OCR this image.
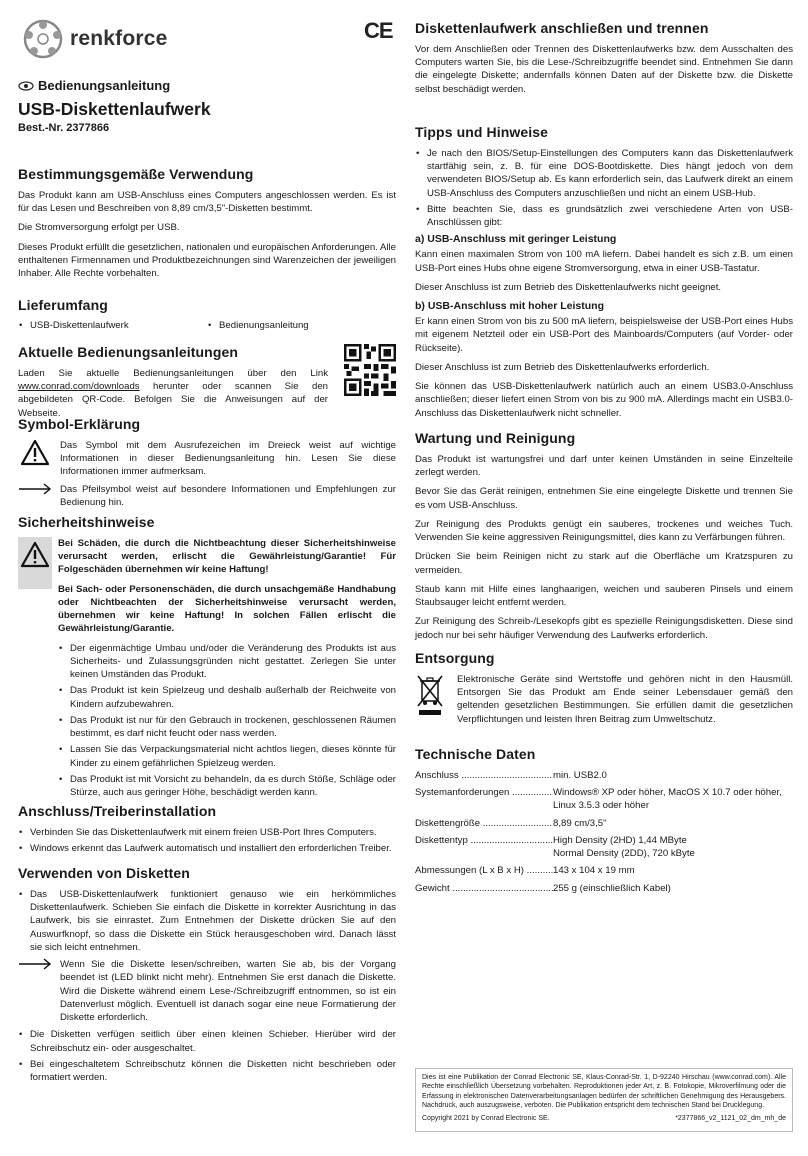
renkforce	CE
Bedienungsanleitung
USB-Diskettenlaufwerk
Best.-Nr. 2377866
Bestimmungsgemäße Verwendung

Das Produkt kann am USB-Anschluss eines Computers angeschlossen werden. Es ist für das Lesen und Beschreiben von 8,89 cm/3,5"-Disketten bestimmt.

Die Stromversorgung erfolgt per USB.

Dieses Produkt erfüllt die gesetzlichen, nationalen und europäischen Anforderungen. Alle enthaltenen Firmennamen und Produktbezeichnungen sind Warenzeichen der jeweiligen Inhaber. Alle Rechte vorbehalten.

Lieferumfang
• USB-Diskettenlaufwerk
•	Bedienungsanleitung
Aktuelle Bedienungsanleitungen

Laden Sie aktuelle Bedienungsanleitungen über den Link www.conrad.com/downloads herunter oder scannen Sie den abgebildeten QR-Code. Befolgen Sie die Anweisungen auf der Webseite.

Symbol-Erklärung

Das Symbol mit dem Ausrufezeichen im Dreieck weist auf wichtige Informationen in dieser Bedienungsanleitung hin. Lesen Sie diese Informationen immer aufmerksam.

Das Pfeilsymbol weist auf besondere Informationen und Empfehlungen zur Bedienung hin.

Sicherheitshinweise

Bei Schäden, die durch die Nichtbeachtung dieser Sicherheitshinweise verursacht werden, erlischt die Gewährleistung/Garantie! Für Folgeschäden übernehmen wir keine Haftung!

Bei Sach- oder Personenschäden, die durch unsachgemäße Handhabung oder Nichtbeachten der Sicherheitshinweise verursacht werden, übernehmen wir keine Haftung! In solchen Fällen erlischt die Gewährleistung/Garantie.

• Der eigenmächtige Umbau und/oder die Veränderung des Produkts ist aus Sicherheits- und Zulassungsgründen nicht gestattet. Zerlegen Sie unter keinen Umständen das Produkt.
• Das Produkt ist kein Spielzeug und deshalb außerhalb der Reichweite von Kindern aufzubewahren.
• Das Produkt ist nur für den Gebrauch in trockenen, geschlossenen Räumen bestimmt, es darf nicht feucht oder nass werden.
• Lassen Sie das Verpackungsmaterial nicht achtlos liegen, dieses könnte für Kinder zu einem gefährlichen Spielzeug werden.
• Das Produkt ist mit Vorsicht zu behandeln, da es durch Stöße, Schläge oder Stürze, auch aus geringer Höhe, beschädigt werden kann.
Anschluss/Treiberinstallation
• Verbinden Sie das Diskettenlaufwerk mit einem freien USB-Port Ihres Computers.
• Windows erkennt das Laufwerk automatisch und installiert den erforderlichen Treiber.
Verwenden von Disketten
• Das USB-Diskettenlaufwerk funktioniert genauso wie ein herkömmliches Diskettenlaufwerk. Schieben Sie einfach die Diskette in korrekter Ausrichtung in das Laufwerk, bis sie einrastet. Zum Entnehmen der Diskette drücken Sie auf den Auswurfknopf, so dass die Diskette ein Stück herausgeschoben wird. Danach lässt sie sich leicht entnehmen.

Wenn Sie die Diskette lesen/schreiben, warten Sie ab, bis der Vorgang beendet ist (LED blinkt nicht mehr). Entnehmen Sie erst danach die Diskette. Wird die Diskette während einem Lese-/Schreibzugriff entnommen, so ist ein Datenverlust möglich. Eventuell ist danach sogar eine neue Formatierung der Diskette erforderlich.

• Die Disketten verfügen seitlich über einen kleinen Schieber. Hierüber wird der Schreibschutz ein- oder ausgeschaltet.
• Bei eingeschaltetem Schreibschutz können die Disketten nicht beschrieben oder formatiert werden.
Diskettenlaufwerk anschließen und trennen

Vor dem Anschließen oder Trennen des Diskettenlaufwerks bzw. dem Ausschalten des Computers warten Sie, bis die Lese-/Schreibzugriffe beendet sind. Entnehmen Sie dann die eingelegte Diskette; andernfalls können Daten auf der Diskette bzw. die Diskette selbst beschädigt werden.

Tipps und Hinweise
• Je nach den BIOS/Setup-Einstellungen des Computers kann das Diskettenlaufwerk startfähig sein, z. B. für eine DOS-Bootdiskette. Dies hängt jedoch von dem verwendeten BIOS/Setup ab. Es kann erforderlich sein, das Laufwerk direkt an einem USB-Anschluss des Computers anzuschließen und nicht an einem USB-Hub.
• Bitte beachten Sie, dass es grundsätzlich zwei verschiedene Arten von USB-Anschlüssen gibt:
a) USB-Anschluss mit geringer Leistung

Kann einen maximalen Strom von 100 mA liefern. Dabei handelt es sich z.B. um einen USB-Port eines Hubs ohne eigene Stromversorgung, etwa in einer USB-Tastatur.

Dieser Anschluss ist zum Betrieb des Diskettenlaufwerks nicht geeignet.

b) USB-Anschluss mit hoher Leistung

Er kann einen Strom von bis zu 500 mA liefern, beispielsweise der USB-Port eines Hubs mit eigenem Netzteil oder ein USB-Port des Mainboards/Computers (auf Vorder- oder Rückseite).

Dieser Anschluss ist zum Betrieb des Diskettenlaufwerks erforderlich.

Sie können das USB-Diskettenlaufwerk natürlich auch an einem USB3.0-Anschluss anschließen; dieser liefert einen Strom von bis zu 900 mA. Allerdings macht ein USB3.0-Anschluss das Diskettenlaufwerk nicht schneller.

Wartung und Reinigung

Das Produkt ist wartungsfrei und darf unter keinen Umständen in seine Einzelteile zerlegt werden.

Bevor Sie das Gerät reinigen, entnehmen Sie eine eingelegte Diskette und trennen Sie es vom USB-Anschluss.

Zur Reinigung des Produkts genügt ein sauberes, trockenes und weiches Tuch. Verwenden Sie keine aggressiven Reinigungsmittel, dies kann zu Verfärbungen führen.

Drücken Sie beim Reinigen nicht zu stark auf die Oberfläche um Kratzspuren zu vermeiden.

Staub kann mit Hilfe eines langhaarigen, weichen und sauberen Pinsels und einem Staubsauger leicht entfernt werden.

Zur Reinigung des Schreib-/Lesekopfs gibt es spezielle Reinigungsdisketten. Diese sind jedoch nur bei sehr häufiger Verwendung des Laufwerks erforderlich.

Entsorgung

Elektronische Geräte sind Wertstoffe und gehören nicht in den Hausmüll. Entsorgen Sie das Produkt am Ende seiner Lebensdauer gemäß den geltenden gesetzlichen Bestimmungen. Sie erfüllen damit die gesetzlichen Verpflichtungen und leisten Ihren Beitrag zum Umweltschutz.

Technische Daten
Anschluss .....	min. USB2.0
Systemanforderungen .....	Windows® XP oder höher, MacOS X 10.7 oder höher, Linux 3.5.3 oder höher
Diskettengröße .....	8,89 cm/3,5"
Diskettentyp .....	High Density (2HD) 1,44 MByte
Normal Density (2DD), 720 kByte
Abmessungen (L x B x H) .....	143 x 104 x 19 mm
Gewicht .....	255 g (einschließlich Kabel)

Dies ist eine Publikation der Conrad Electronic SE, Klaus-Conrad-Str. 1, D-92240 Hirschau (www.conrad.com). Alle Rechte einschließlich Übersetzung vorbehalten. Reproduktionen jeder Art, z. B. Fotokopie, Mikroverfilmung oder die Erfassung in elektronischen Datenverarbeitungsanlagen bedürfen der schriftlichen Genehmigung des Herausgebers. Nachdruck, auch auszugsweise, verboten. Die Publikation entspricht dem technischen Stand bei Drucklegung.

Copyright 2021 by Conrad Electronic SE.	*2377866_v2_1121_02_dm_mh_de
